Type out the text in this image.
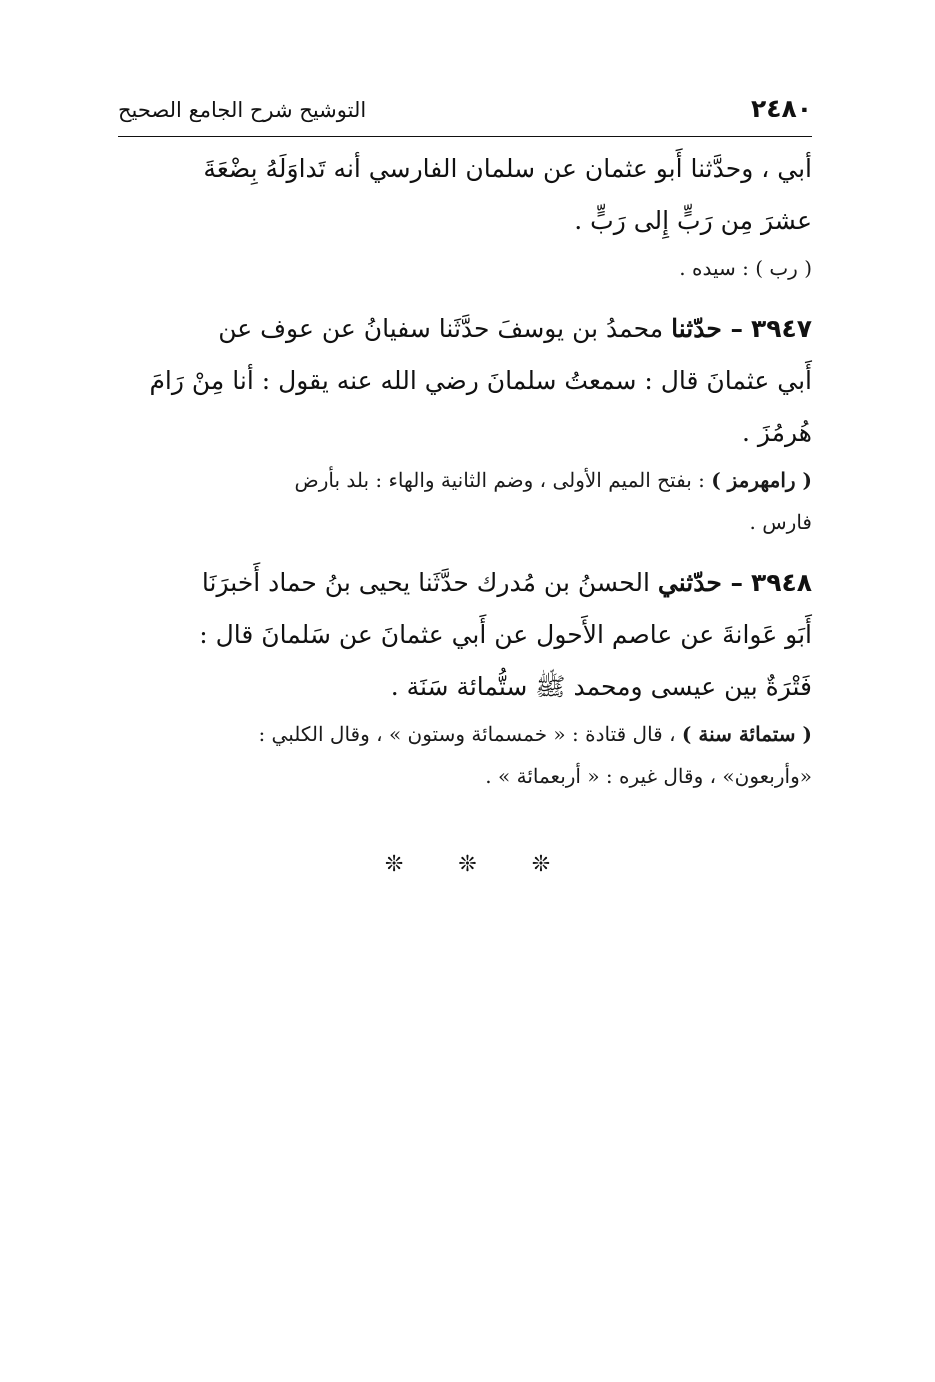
٢٤٨٠
التوشيح شرح الجامع الصحيح
أبي ، وحدَّثنا أَبو عثمان عن سلمان الفارسي أنه تَداوَلَهُ بِضْعَةَ
عشرَ مِن رَبٍّ إِلى رَبٍّ .
( رب ) : سيده .
٣٩٤٧ – حدّثنا محمدُ بن يوسفَ حدَّثَنا سفيانُ عن عوف عن
أَبي عثمانَ قال : سمعتُ سلمانَ رضي الله عنه يقول : أنا مِنْ رَامَ
هُرمُزَ .
( رامهرمز ) : بفتح الميم الأولى ، وضم الثانية والهاء : بلد بأرض
فارس .
٣٩٤٨ – حدّثني الحسنُ بن مُدرك حدَّثَنا يحيى بنُ حماد أَخبرَنَا
أَبَو عَوانةَ عن عاصم الأَحول عن أَبي عثمانَ عن سَلمانَ قال :
فَتْرَةٌ بين عيسى ومحمد ﷺ ستُّمائة سَنَة .
( ستمائة سنة ) ، قال قتادة : « خمسمائة وستون » ، وقال الكلبي :
«وأربعون» ، وقال غيره : « أربعمائة » .
❊	❊	❊
